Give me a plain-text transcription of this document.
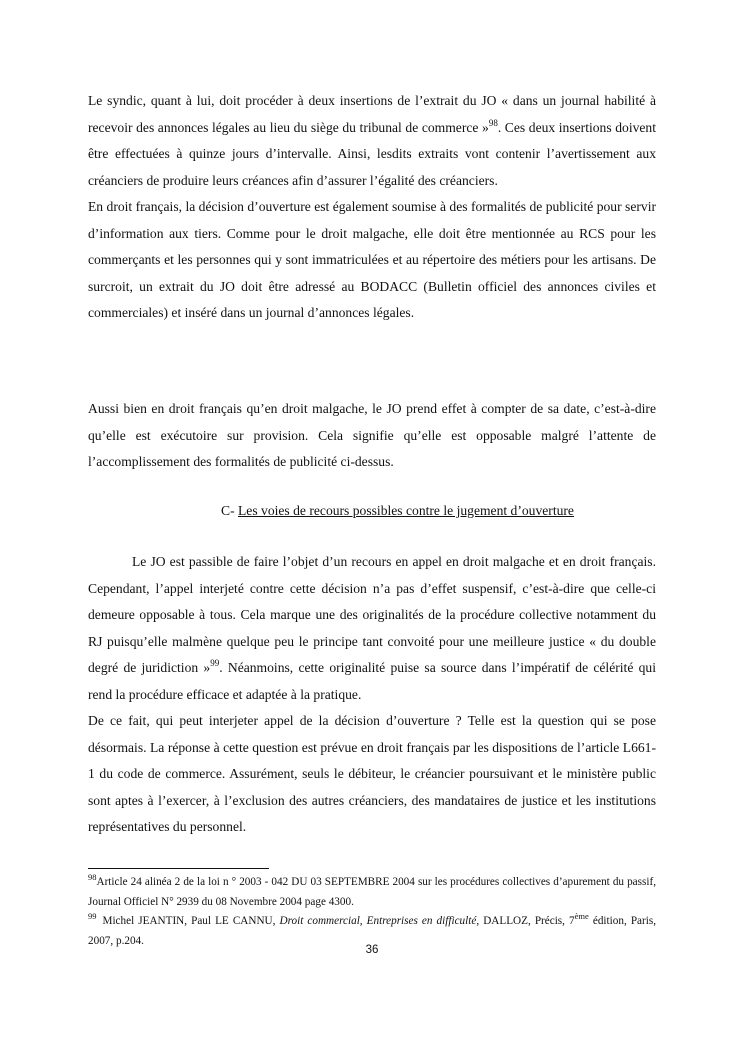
Le syndic, quant à lui, doit procéder à deux insertions de l’extrait du JO « dans un journal habilité à recevoir des annonces légales au lieu du siège du tribunal de commerce »$^{98}$. Ces deux insertions doivent être effectuées à quinze jours d’intervalle. Ainsi, lesdits extraits vont contenir l’avertissement aux créanciers de produire leurs créances afin d’assurer l’égalité des créanciers.

En droit français, la décision d’ouverture est également soumise à des formalités de publicité pour servir d’information aux tiers. Comme pour le droit malgache, elle doit être mentionnée au RCS pour les commerçants et les personnes qui y sont immatriculées et au répertoire des métiers pour les artisans. De surcroit, un extrait du JO doit être adressé au BODACC (Bulletin officiel des annonces civiles et commerciales) et inséré dans un journal d’annonces légales.

Aussi bien en droit français qu’en droit malgache, le JO prend effet à compter de sa date, c’est-à-dire qu’elle est exécutoire sur provision. Cela signifie qu’elle est opposable malgré l’attente de l’accomplissement des formalités de publicité ci-dessus.

C- Les voies de recours possibles contre le jugement d’ouverture

Le JO est passible de faire l’objet d’un recours en appel en droit malgache et en droit français. Cependant, l’appel interjeté contre cette décision n’a pas d’effet suspensif, c’est-à-dire que celle-ci demeure opposable à tous. Cela marque une des originalités de la procédure collective notamment du RJ puisqu’elle malmène quelque peu le principe tant convoité pour une meilleure justice « du double degré de juridiction »$^{99}$. Néanmoins, cette originalité puise sa source dans l’impératif de célérité qui rend la procédure efficace et adaptée à la pratique.

De ce fait, qui peut interjeter appel de la décision d’ouverture ? Telle est la question qui se pose désormais. La réponse à cette question est prévue en droit français par les dispositions de l’article L661-1 du code de commerce. Assurément, seuls le débiteur, le créancier poursuivant et le ministère public sont aptes à l’exercer, à l’exclusion des autres créanciers, des mandataires de justice et les institutions représentatives du personnel.

$^{98}$Article 24 alinéa 2 de la loi n ° 2003 - 042 DU 03 SEPTEMBRE 2004 sur les procédures collectives d’apurement du passif, Journal Officiel N° 2939 du 08 Novembre 2004 page 4300.

$^{99}$ Michel JEANTIN, Paul LE CANNU, Droit commercial, Entreprises en difficulté, DALLOZ, Précis, 7ème édition, Paris, 2007, p.204.

36
